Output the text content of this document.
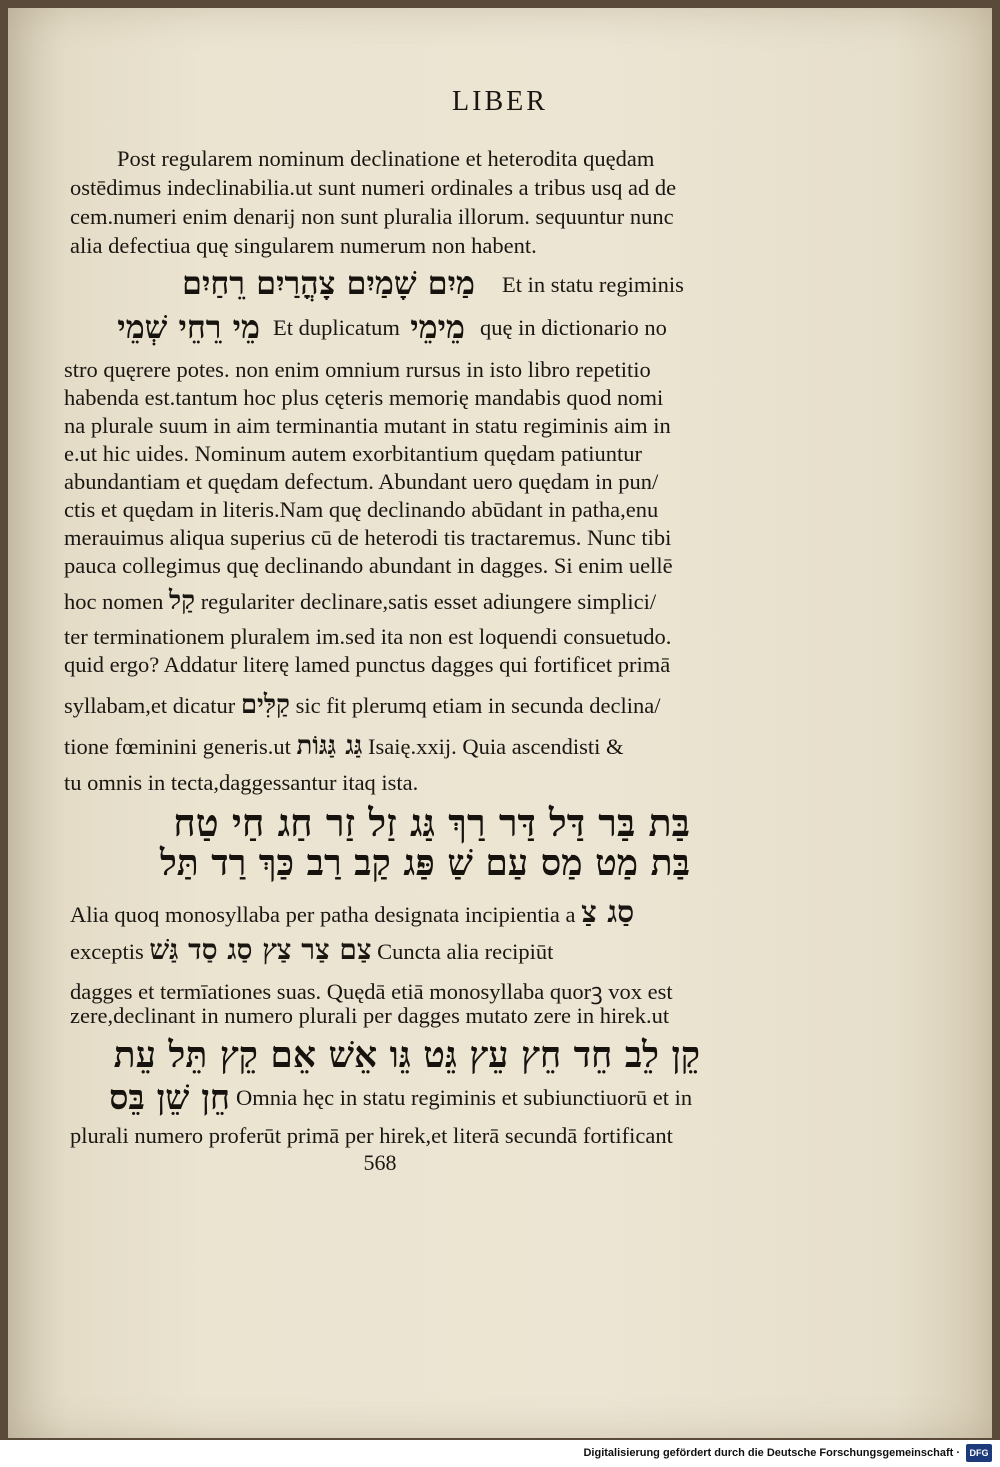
LIBER
Post regularem nominum declinatione et heterodita quędam
ostēdimus indeclinabilia.ut sunt numeri ordinales a tribus usq ad de
cem.numeri enim denarij non sunt pluralia illorum. sequuntur nunc
alia defectiua quę singularem numerum non habent.
מַיִם שָׁמַיִם צָהֳרַיִם רֵחַיִם Et in statu regiminis
מֵי רֵחֵי שְׁמֵי Et duplicatum מֵימֵי quę in dictionario no
stro quęrere potes. non enim omnium rursus in isto libro repetitio
habenda est.tantum hoc plus cęteris memorię mandabis quod nomi
na plurale suum in aim terminantia mutant in statu regiminis aim in
e.ut hic uides. Nominum autem exorbitantium quędam patiuntur
abundantiam et quędam defectum. Abundant uero quędam in pun/
ctis et quędam in literis.Nam quę declinando abūdant in patha,enu
merauimus aliqua superius cū de heterodi tis tractaremus. Nunc tibi
pauca collegimus quę declinando abundant in dagges. Si enim uellē
hoc nomen קַל regulariter declinare,satis esset adiungere simplici/
ter terminationem pluralem im.sed ita non est loquendi consuetudo.
quid ergo? Addatur literę lamed punctus dagges qui fortificet primā
syllabam,et dicatur קַלִּים sic fit plerumq etiam in secunda declina/
tione fœminini generis.ut גַּג גַּגּוֹת Isaię.xxij. Quia ascendisti &
tu omnis in tecta,daggessantur itaq ista.
בַּת בַּר דַּל דַּר רַךְ גַּג זַל זַר חַג חַי טַח
בַּת מַט מַס עַם שַׁ פַּג קַב רַב כַּךְ רַד תַּל
Alia quoq monosyllaba per patha designata incipientia a סַג צַ
exceptis צַם צַר צַץ סַג סַד גַּשׁ Cuncta alia recipiūt
dagges et termīationes suas. Quędā etiā monosyllaba quorꝫ vox est
zere,declinant in numero plurali per dagges mutato zere in hirek.ut
קֵן לֵב חֵד חֵץ עֵץ גֵּט גֵּו אֵשׁ אֵם קֵץ תֵּל עֵת
חֵן שֵׁן בֵּס Omnia hęc in statu regiminis et subiunctiuorū et in
plurali numero proferūt primā per hirek,et literā secundā fortificant
568
Digitalisierung gefördert durch die Deutsche Forschungsgemeinschaft ·	DFG
